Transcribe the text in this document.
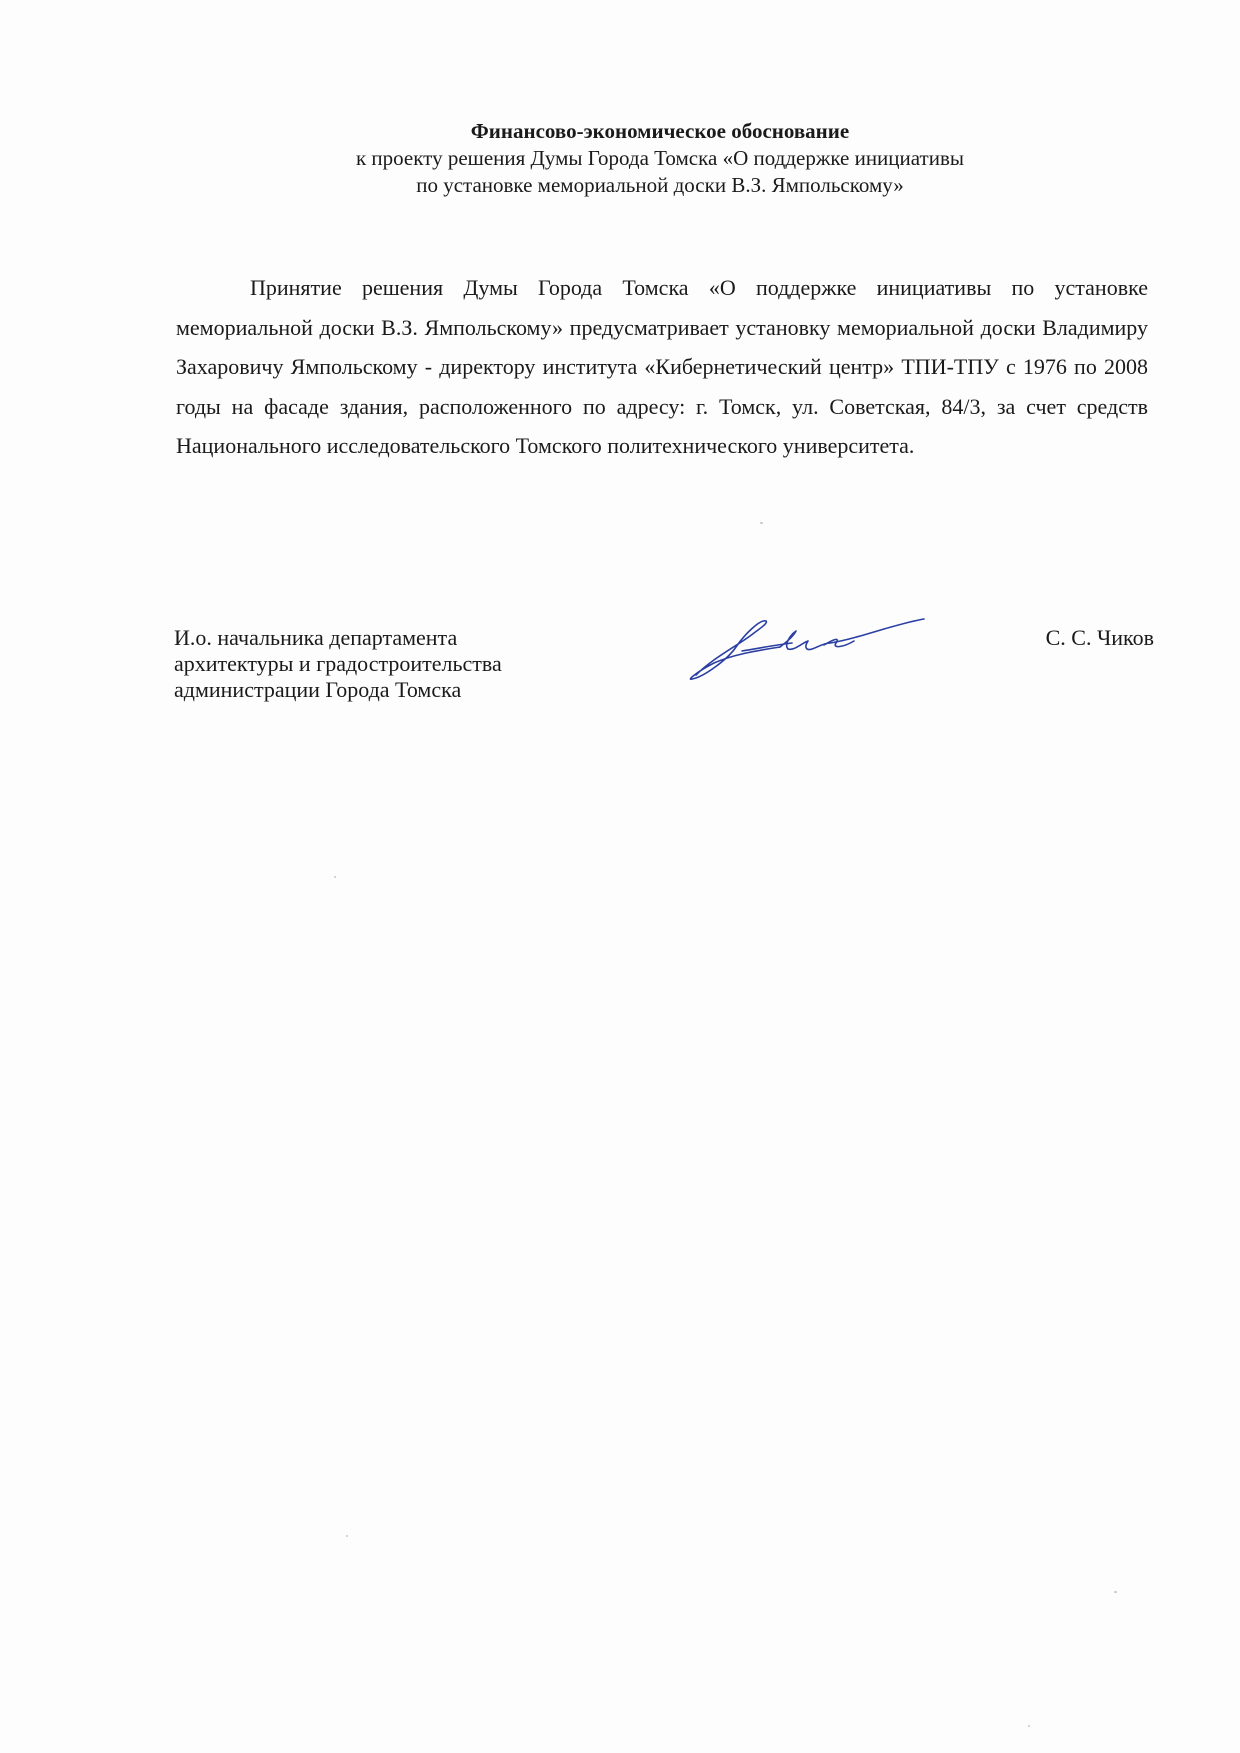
Финансово-экономическое обоснование
к проекту решения Думы Города Томска «О поддержке инициативы
по установке мемориальной доски В.З. Ямпольскому»

Принятие решения Думы Города Томска «О поддержке инициативы по установке мемориальной доски В.З. Ямпольскому» предусматривает установку мемориальной доски Владимиру Захаровичу Ямпольскому - директору института «Кибернетический центр» ТПИ-ТПУ с 1976 по 2008 годы на фасаде здания, расположенного по адресу: г. Томск, ул. Советская, 84/3, за счет средств Национального исследовательского Томского политехнического университета.

И.о. начальника департамента
архитектуры и градостроительства
администрации Города Томска
С. С. Чиков
